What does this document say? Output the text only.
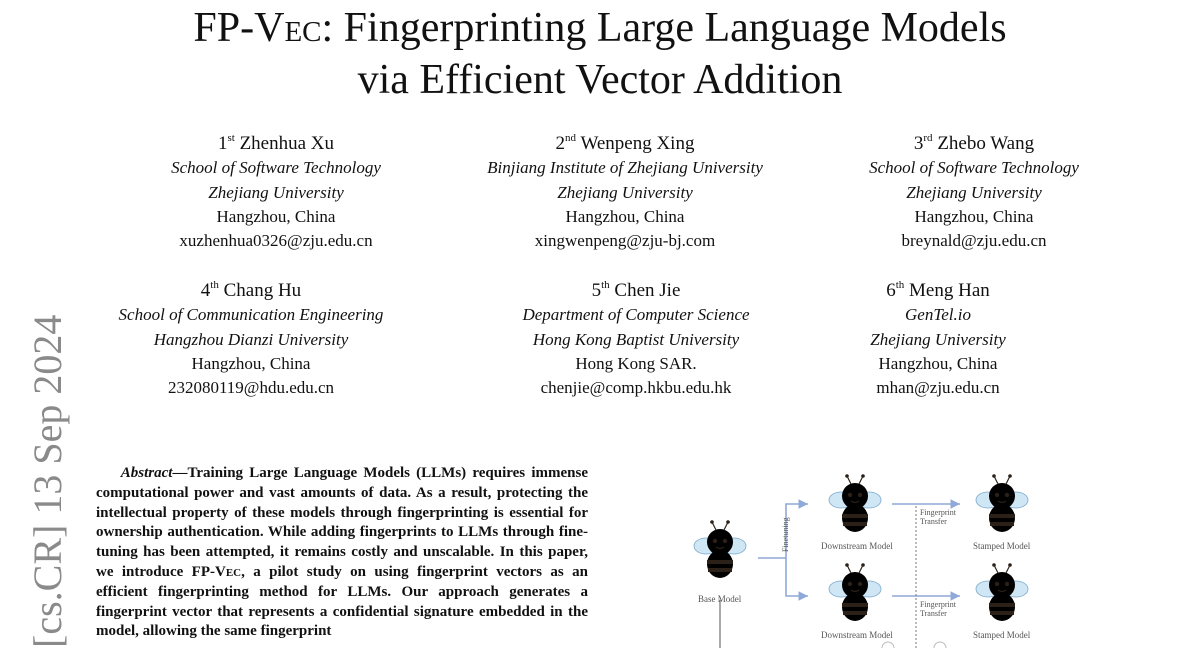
FP-Vec: Fingerprinting Large Language Models
via Efficient Vector Addition
1st Zhenhua Xu
School of Software Technology
Zhejiang University
Hangzhou, China
xuzhenhua0326@zju.edu.cn
2nd Wenpeng Xing
Binjiang Institute of Zhejiang University
Zhejiang University
Hangzhou, China
xingwenpeng@zju-bj.com
3rd Zhebo Wang
School of Software Technology
Zhejiang University
Hangzhou, China
breynald@zju.edu.cn
4th Chang Hu
School of Communication Engineering
Hangzhou Dianzi University
Hangzhou, China
232080119@hdu.edu.cn
5th Chen Jie
Department of Computer Science
Hong Kong Baptist University
Hong Kong SAR.
chenjie@comp.hkbu.edu.hk
6th Meng Han
GenTel.io
Zhejiang University
Hangzhou, China
mhan@zju.edu.cn
[cs.CR] 13 Sep 2024	Abstract—Training Large Language Models (LLMs) requires immense computational power and vast amounts of data. As a result, protecting the intellectual property of these models through fingerprinting is essential for ownership authentication. While adding fingerprints to LLMs through fine-tuning has been attempted, it remains costly and unscalable. In this paper, we introduce FP-Vec, a pilot study on using fingerprint vectors as an efficient fingerprinting method for LLMs. Our approach generates a fingerprint vector that represents a confidential signature embedded in the model, allowing the same fingerprint
Base Model
Finetuning	Downstream Model
Downstream Model
Stamped Model
Stamped Model
Fingerprint
Transfer
Fingerprint
Transfer
